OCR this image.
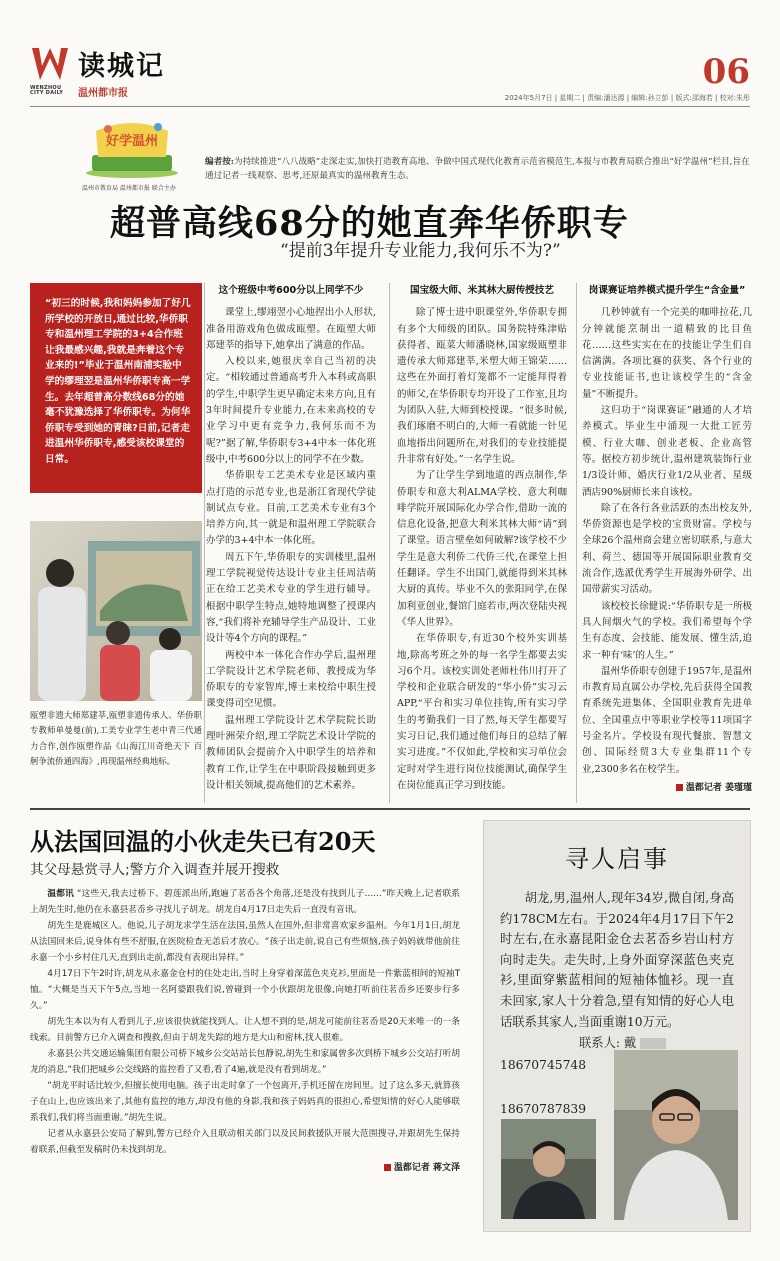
读城记
温州都市报
WENZHOU CITY DAILY
06
2024年5月7日 | 星期二 | 责编:潘达源 | 编辑:孙立彭 | 版式:邵海若 | 校对:朱彤
好学温州
温州市教育局 温州都市报 联合主办
编者按:为持续推进“八八战略”走深走实,加快打造教育高地、争做中国式现代化教育示范省模范生,本报与市教育局联合推出“好学温州”栏目,旨在通过记者一线观察、思考,还原最真实的温州教育生态。
超普高线68分的她直奔华侨职专
“提前3年提升专业能力,我何乐不为?”

“初三的时候,我和妈妈参加了好几所学校的开放日,通过比较,华侨职专和温州理工学院的3+4合作班让我最感兴趣,我就是奔着这个专业来的!”毕业于温州南浦实验中学的缪理翌是温州华侨职专高一学生。去年超普高分数线68分的她毫不犹豫选择了华侨职专。为何华侨职专受到她的青睐?日前,记者走进温州华侨职专,感受该校课堂的日常。

瓯塑非遗大师郑建莘,瓯塑非遗传承人、华侨职专教师单曼曼(前),工美专业学生老中青三代通力合作,创作瓯塑作品《山海江川奇绝天下 百舸争流侨通四海》,再现温州经典地标。
这个班级中考600分以上同学不少

课堂上,缪翊翌小心地捏出小人形状,准备用游戏角色做成瓯塑。在瓯塑大师郑建莘的指导下,她拿出了满意的作品。

入校以来,她很庆幸自己当初的决定。“相较通过普通高考升入本科或高职的学生,中职学生更早确定未来方向,且有3年时间提升专业能力,在未来高校的专业学习中更有竞争力,我何乐而不为呢?”据了解,华侨职专3+4中本一体化班级中,中考600分以上的同学不在少数。

华侨职专工艺美术专业是区域内重点打造的示范专业,也是浙江省现代学徒制试点专业。目前,工艺美术专业有3个培养方向,其一就是和温州理工学院联合办学的3+4中本一体化班。

周五下午,华侨职专的实训楼里,温州理工学院视觉传达设计专业主任周洁萌正在给工艺美术专业的学生进行辅导。根据中职学生特点,她特地调整了授课内容,“我们将补充辅导学生产品设计、工业设计等4个方向的课程。”

两校中本一体化合作办学后,温州理工学院设计艺术学院老师、教授成为华侨职专的专家智库,博士来校给中职生授课变得司空见惯。

温州理工学院设计艺术学院院长助理叶洲荣介绍,理工学院艺术设计学院的教师团队会提前介入中职学生的培养和教育工作,让学生在中职阶段接触到更多设计相关领域,提高他们的艺术素养。

国宝级大师、米其林大厨传授技艺

除了博士进中职课堂外,华侨职专拥有多个大师级的团队。国务院特殊津贴获得者、瓯菜大师潘晓林,国家级瓯塑非遗传承大师郑建莘,米塑大师王锦荣……这些在外面打着灯笼都不一定能拜得着的师父,在华侨职专均开设了工作室,且均为团队入驻,大师到校授课。“很多时候,我们琢磨不明白的,大师一看就能一针见血地指出问题所在,对我们的专业技能提升非常有好处。”一名学生说。

为了让学生学到地道的西点制作,华侨职专和意大利ALMA学校、意大利咖啡学院开展国际化办学合作,借助一流的信息化设备,把意大利米其林大师“请”到了课堂。语言壁垒如何破解?该学校不少学生是意大利侨二代侨三代,在课堂上担任翻译。学生不出国门,就能得到米其林大厨的真传。毕业不久的张阳同学,在保加利亚创业,餐馆门庭若市,两次登陆央视《华人世界》。

在华侨职专,有近30个校外实训基地,除高考班之外的每一名学生都要去实习6个月。该校实训处老师杜伟川打开了学校和企业联合研发的“华小侨”实习云APP,“平台和实习单位挂钩,所有实习学生的考勤我们一目了然,每天学生都要写实习日记,我们通过他们每日的总结了解实习进度。”不仅如此,学校和实习单位会定时对学生进行岗位技能测试,确保学生在岗位能真正学习到技能。

岗课赛证培养模式提升学生“含金量”

几秒钟就有一个完美的咖啡拉花,几分钟就能烹制出一道精致的比目鱼花……这些实实在在的技能让学生们自信满满。各项比赛的获奖、各个行业的专业技能证书,也让该校学生的“含金量”不断提升。

这归功于“岗课赛证”融通的人才培养模式。毕业生中涌现一大批工匠劳模、行业大咖、创业老板、企业高管等。据校方初步统计,温州建筑装饰行业1/3设计师、婚庆行业1/2从业者、星级酒店90%厨师长来自该校。

除了在各行各业活跃的杰出校友外,华侨资源也是学校的宝贵财富。学校与全球26个温州商会建立密切联系,与意大利、荷兰、德国等开展国际职业教育交流合作,选派优秀学生开展海外研学、出国带薪实习活动。

该校校长徐健说:“华侨职专是一所极具人间烟火气的学校。我们希望每个学生有态度、会技能、能发展、懂生活,追求一种有‘味’的人生。”

温州华侨职专创建于1957年,是温州市教育局直属公办学校,先后获得全国教育系统先进集体、全国职业教育先进单位、全国重点中等职业学校等11项国字号金名片。学校设有现代餐旅、智慧文创、国际经贸3大专业集群11个专业,2300多名在校学生。

温都记者 姜瑾瑾
从法国回温的小伙走失已有20天
其父母悬赏寻人;警方介入调查并展开搜救

温都讯 “这些天,我去过桥下、碧莲派出所,跑遍了茗岙各个角落,还是没有找到儿子……”昨天晚上,记者联系上胡先生时,他仍在永嘉县茗岙乡寻找儿子胡龙。胡龙自4月17日走失后一直没有音讯。

胡先生是鹿城区人。他说,儿子胡龙求学生活在法国,虽然人在国外,但非常喜欢家乡温州。今年1月1日,胡龙从法国回来后,说身体有些不舒服,在医院检查无恙后才放心。“孩子出走前,说自己有些烦恼,孩子妈妈就带他前往永嘉一个小乡村住几天,直到出走前,都没有表现出异样。”

4月17日下午2时许,胡龙从永嘉金仓村的住处走出,当时上身穿着深蓝色夹克衫,里面是一件紫蓝相间的短袖T恤。“大概是当天下午5点,当地一名阿婆跟我们说,曾碰到一个小伙跟胡龙很像,向她打听前往茗岙乡还要步行多久。”

胡先生本以为有人看到儿子,应该很快就能找到人。让人想不到的是,胡龙可能前往茗岙是20天来唯一的一条线索。目前警方已介入调查和搜救,但由于胡龙失踪的地方是大山和密林,找人很难。

永嘉县公共交通运输集团有限公司桥下城乡公交站站长包静说,胡先生和家属曾多次到桥下城乡公交站打听胡龙的消息,“我们把城乡公交线路的监控看了又看,看了4遍,就是没有看到胡龙。”

“胡龙平时话比较少,但擅长使用电脑。孩子出走时拿了一个包离开,手机还留在房间里。过了这么多天,就算孩子在山上,也应该出来了,其他有监控的地方,却没有他的身影,我和孩子妈妈真的很担心,希望知情的好心人能够联系我们,我们将当面重谢。”胡先生说。

记者从永嘉县公安局了解到,警方已经介入且联动相关部门以及民间救援队开展大范围搜寻,并跟胡先生保持着联系,但截至发稿时仍未找到胡龙。

温都记者 蒋文泽
寻人启事
胡龙,男,温州人,现年34岁,微自闭,身高约178CM左右。于2024年4月17日下午2时左右,在永嘉昆阳金仓去茗岙乡岩山村方向时走失。走失时,上身外面穿深蓝色夹克衫,里面穿紫蓝相间的短袖体恤衫。现一直未回家,家人十分着急,望有知情的好心人电话联系其家人,当面重谢10万元。
联系人: 戴18670745748
18670787839
